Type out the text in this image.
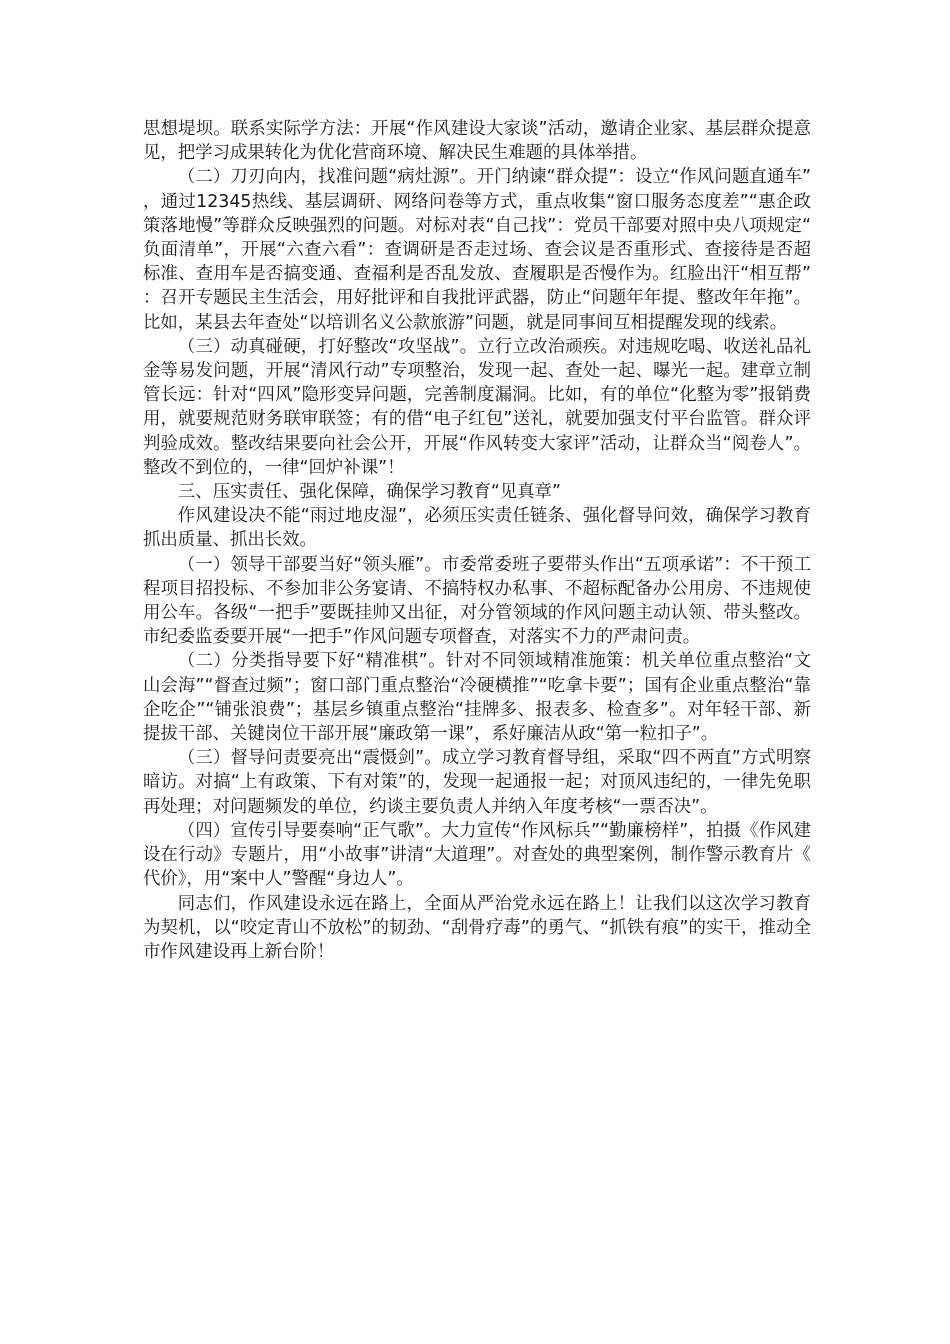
思想堤坝。联系实际学方法：开展“作风建设大家谈”活动，邀请企业家、基层群众提意见，把学习成果转化为优化营商环境、解决民生难题的具体举措。

（二）刀刃向内，找准问题“病灶源”。开门纳谏“群众提”：设立“作风问题直通车”，通过12345热线、基层调研、网络问卷等方式，重点收集“窗口服务态度差”“惠企政策落地慢”等群众反映强烈的问题。对标对表“自己找”：党员干部要对照中央八项规定“负面清单”，开展“六查六看”：查调研是否走过场、查会议是否重形式、查接待是否超标准、查用车是否搞变通、查福利是否乱发放、查履职是否慢作为。红脸出汗“相互帮”：召开专题民主生活会，用好批评和自我批评武器，防止“问题年年提、整改年年拖”。比如，某县去年查处“以培训名义公款旅游”问题，就是同事间互相提醒发现的线索。

（三）动真碰硬，打好整改“攻坚战”。立行立改治顽疾。对违规吃喝、收送礼品礼金等易发问题，开展“清风行动”专项整治，发现一起、查处一起、曝光一起。建章立制管长远：针对“四风”隐形变异问题，完善制度漏洞。比如，有的单位“化整为零”报销费用，就要规范财务联审联签；有的借“电子红包”送礼，就要加强支付平台监管。群众评判验成效。整改结果要向社会公开，开展“作风转变大家评”活动，让群众当“阅卷人”。整改不到位的，一律“回炉补课”！

三、压实责任、强化保障，确保学习教育“见真章”

作风建设决不能“雨过地皮湿”，必须压实责任链条、强化督导问效，确保学习教育抓出质量、抓出长效。

（一）领导干部要当好“领头雁”。市委常委班子要带头作出“五项承诺”：不干预工程项目招投标、不参加非公务宴请、不搞特权办私事、不超标配备办公用房、不违规使用公车。各级“一把手”要既挂帅又出征，对分管领域的作风问题主动认领、带头整改。市纪委监委要开展“一把手”作风问题专项督查，对落实不力的严肃问责。

（二）分类指导要下好“精准棋”。针对不同领域精准施策：机关单位重点整治“文山会海”“督查过频”；窗口部门重点整治“冷硬横推”“吃拿卡要”；国有企业重点整治“靠企吃企”“铺张浪费”；基层乡镇重点整治“挂牌多、报表多、检查多”。对年轻干部、新提拔干部、关键岗位干部开展“廉政第一课”，系好廉洁从政“第一粒扣子”。

（三）督导问责要亮出“震慑剑”。成立学习教育督导组，采取“四不两直”方式明察暗访。对搞“上有政策、下有对策”的，发现一起通报一起；对顶风违纪的，一律先免职再处理；对问题频发的单位，约谈主要负责人并纳入年度考核“一票否决”。

（四）宣传引导要奏响“正气歌”。大力宣传“作风标兵”“勤廉榜样”，拍摄《作风建设在行动》专题片，用“小故事”讲清“大道理”。对查处的典型案例，制作警示教育片《代价》，用“案中人”警醒“身边人”。

同志们，作风建设永远在路上，全面从严治党永远在路上！让我们以这次学习教育为契机，以“咬定青山不放松”的韧劲、“刮骨疗毒”的勇气、“抓铁有痕”的实干，推动全市作风建设再上新台阶！
